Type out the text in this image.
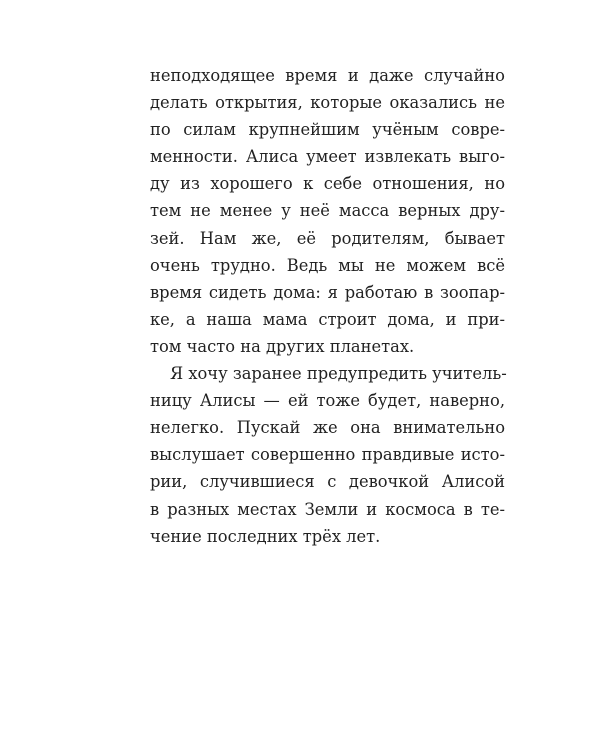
неподходящее время и даже случайно
делать открытия, которые оказались не
по силам крупнейшим учёным совре-
менности. Алиса умеет извлекать выго-
ду из хорошего к себе отношения, но
тем не менее у неё масса верных дру-
зей. Нам же, её родителям, бывает
очень трудно. Ведь мы не можем всё
время сидеть дома: я работаю в зоопар-
ке, а наша мама строит дома, и при-
том часто на других планетах.
Я хочу заранее предупредить учитель-
ницу Алисы — ей тоже будет, наверно,
нелегко. Пускай же она внимательно
выслушает совершенно правдивые исто-
рии, случившиеся с девочкой Алисой
в разных местах Земли и космоса в те-
чение последних трёх лет.
